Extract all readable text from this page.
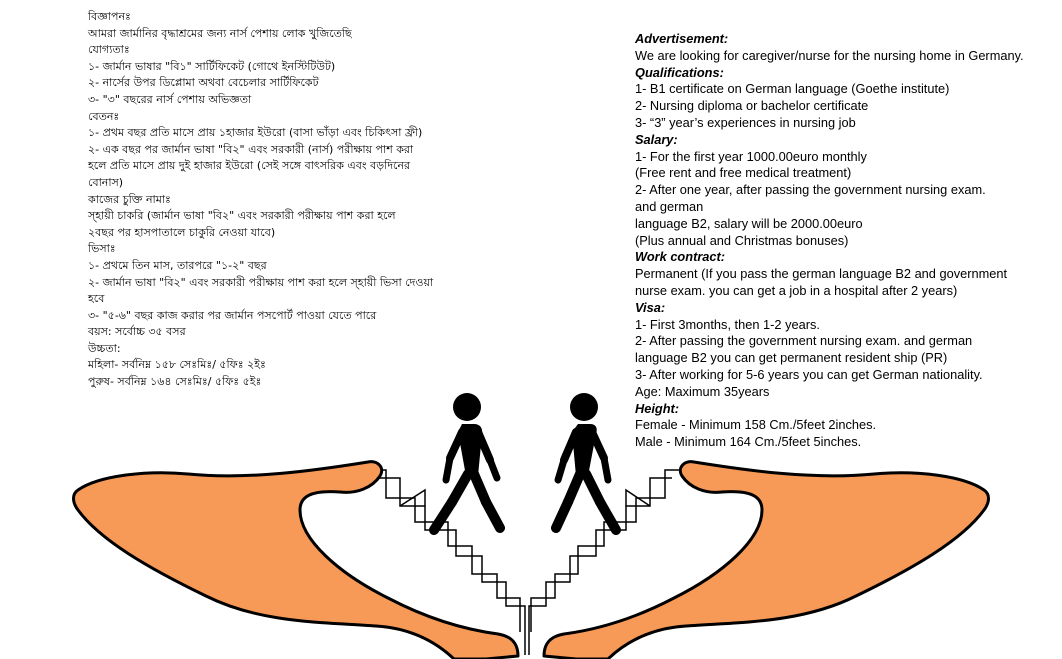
বিজ্ঞাপনঃ
আমরা জার্মানির বৃদ্ধাশ্রমের জন্য নার্স পেশায় লোক খুজিতেছি
যোগ্যতাঃ
১- জার্মান ভাষার "বি১" সার্টিফিকেট (গোথে ইনস্টিটিউট)
২- নার্সের উপর ডিপ্লোমা অথবা বেচেলার সার্টিফিকেট
৩- "৩" বছরের নার্স পেশায় অভিজ্ঞতা
বেতনঃ
১- প্রথম বছর প্রতি মাসে প্রায় ১হাজার ইউরো (বাসা ভাঁড়া এবং চিকিৎসা ফ্রী)
২- এক বছর পর জার্মান ভাষা "বি২" এবং সরকারী (নার্স) পরীক্ষায় পাশ করা
হলে প্রতি মাসে প্রায় দুই হাজার ইউরো (সেই সঙ্গে বাৎসরিক এবং বড়দিনের
বোনাস)
কাজের চুক্তি নামাঃ
স্হায়ী চাকরি (জার্মান ভাষা "বি২" এবং সরকারী পরীক্ষায় পাশ করা হলে
২বছর পর হাসপাতালে চাকুরি নেওয়া যাবে)
ভিসাঃ
১- প্রথমে তিন মাস, তারপরে "১-২" বছর
২- জার্মান ভাষা "বি২" এবং সরকারী পরীক্ষায় পাশ করা হলে স্হায়ী ভিসা দেওয়া
হবে
৩- "৫-৬" বছর কাজ করার পর জার্মান পসপোর্ট পাওয়া যেতে পারে
বয়স: সর্বোচ্চ ৩৫ বসর
উচ্চতা:
মহিলা- সর্বনিম্ন ১৫৮ সেঃমিঃ/ ৫ফিঃ ২ইঃ
পুরুষ- সর্বনিম্ন ১৬৪ সেঃমিঃ/ ৫ফিঃ ৫ইঃ
Advertisement:
We are looking for caregiver/nurse for the nursing home in Germany.
Qualifications:
1- B1 certificate on German language (Goethe institute)
2- Nursing diploma or bachelor certificate
3- “3” year’s experiences in nursing job
Salary:
1- For the first year 1000.00euro monthly
(Free rent and free medical treatment)
2- After one year, after passing the government nursing exam.
and german
language B2, salary will be 2000.00euro
(Plus annual and Christmas bonuses)
Work contract:
Permanent (If you pass the german language B2 and government
nurse exam. you can get a job in a hospital after 2 years)
Visa:
1- First 3months, then 1-2 years.
2- After passing the government nursing exam. and german
language B2 you can get permanent resident ship (PR)
3- After working for 5-6 years you can get German nationality.
Age: Maximum 35years
Height:
Female - Minimum 158 Cm./5feet 2inches.
Male - Minimum 164 Cm./5feet 5inches.
